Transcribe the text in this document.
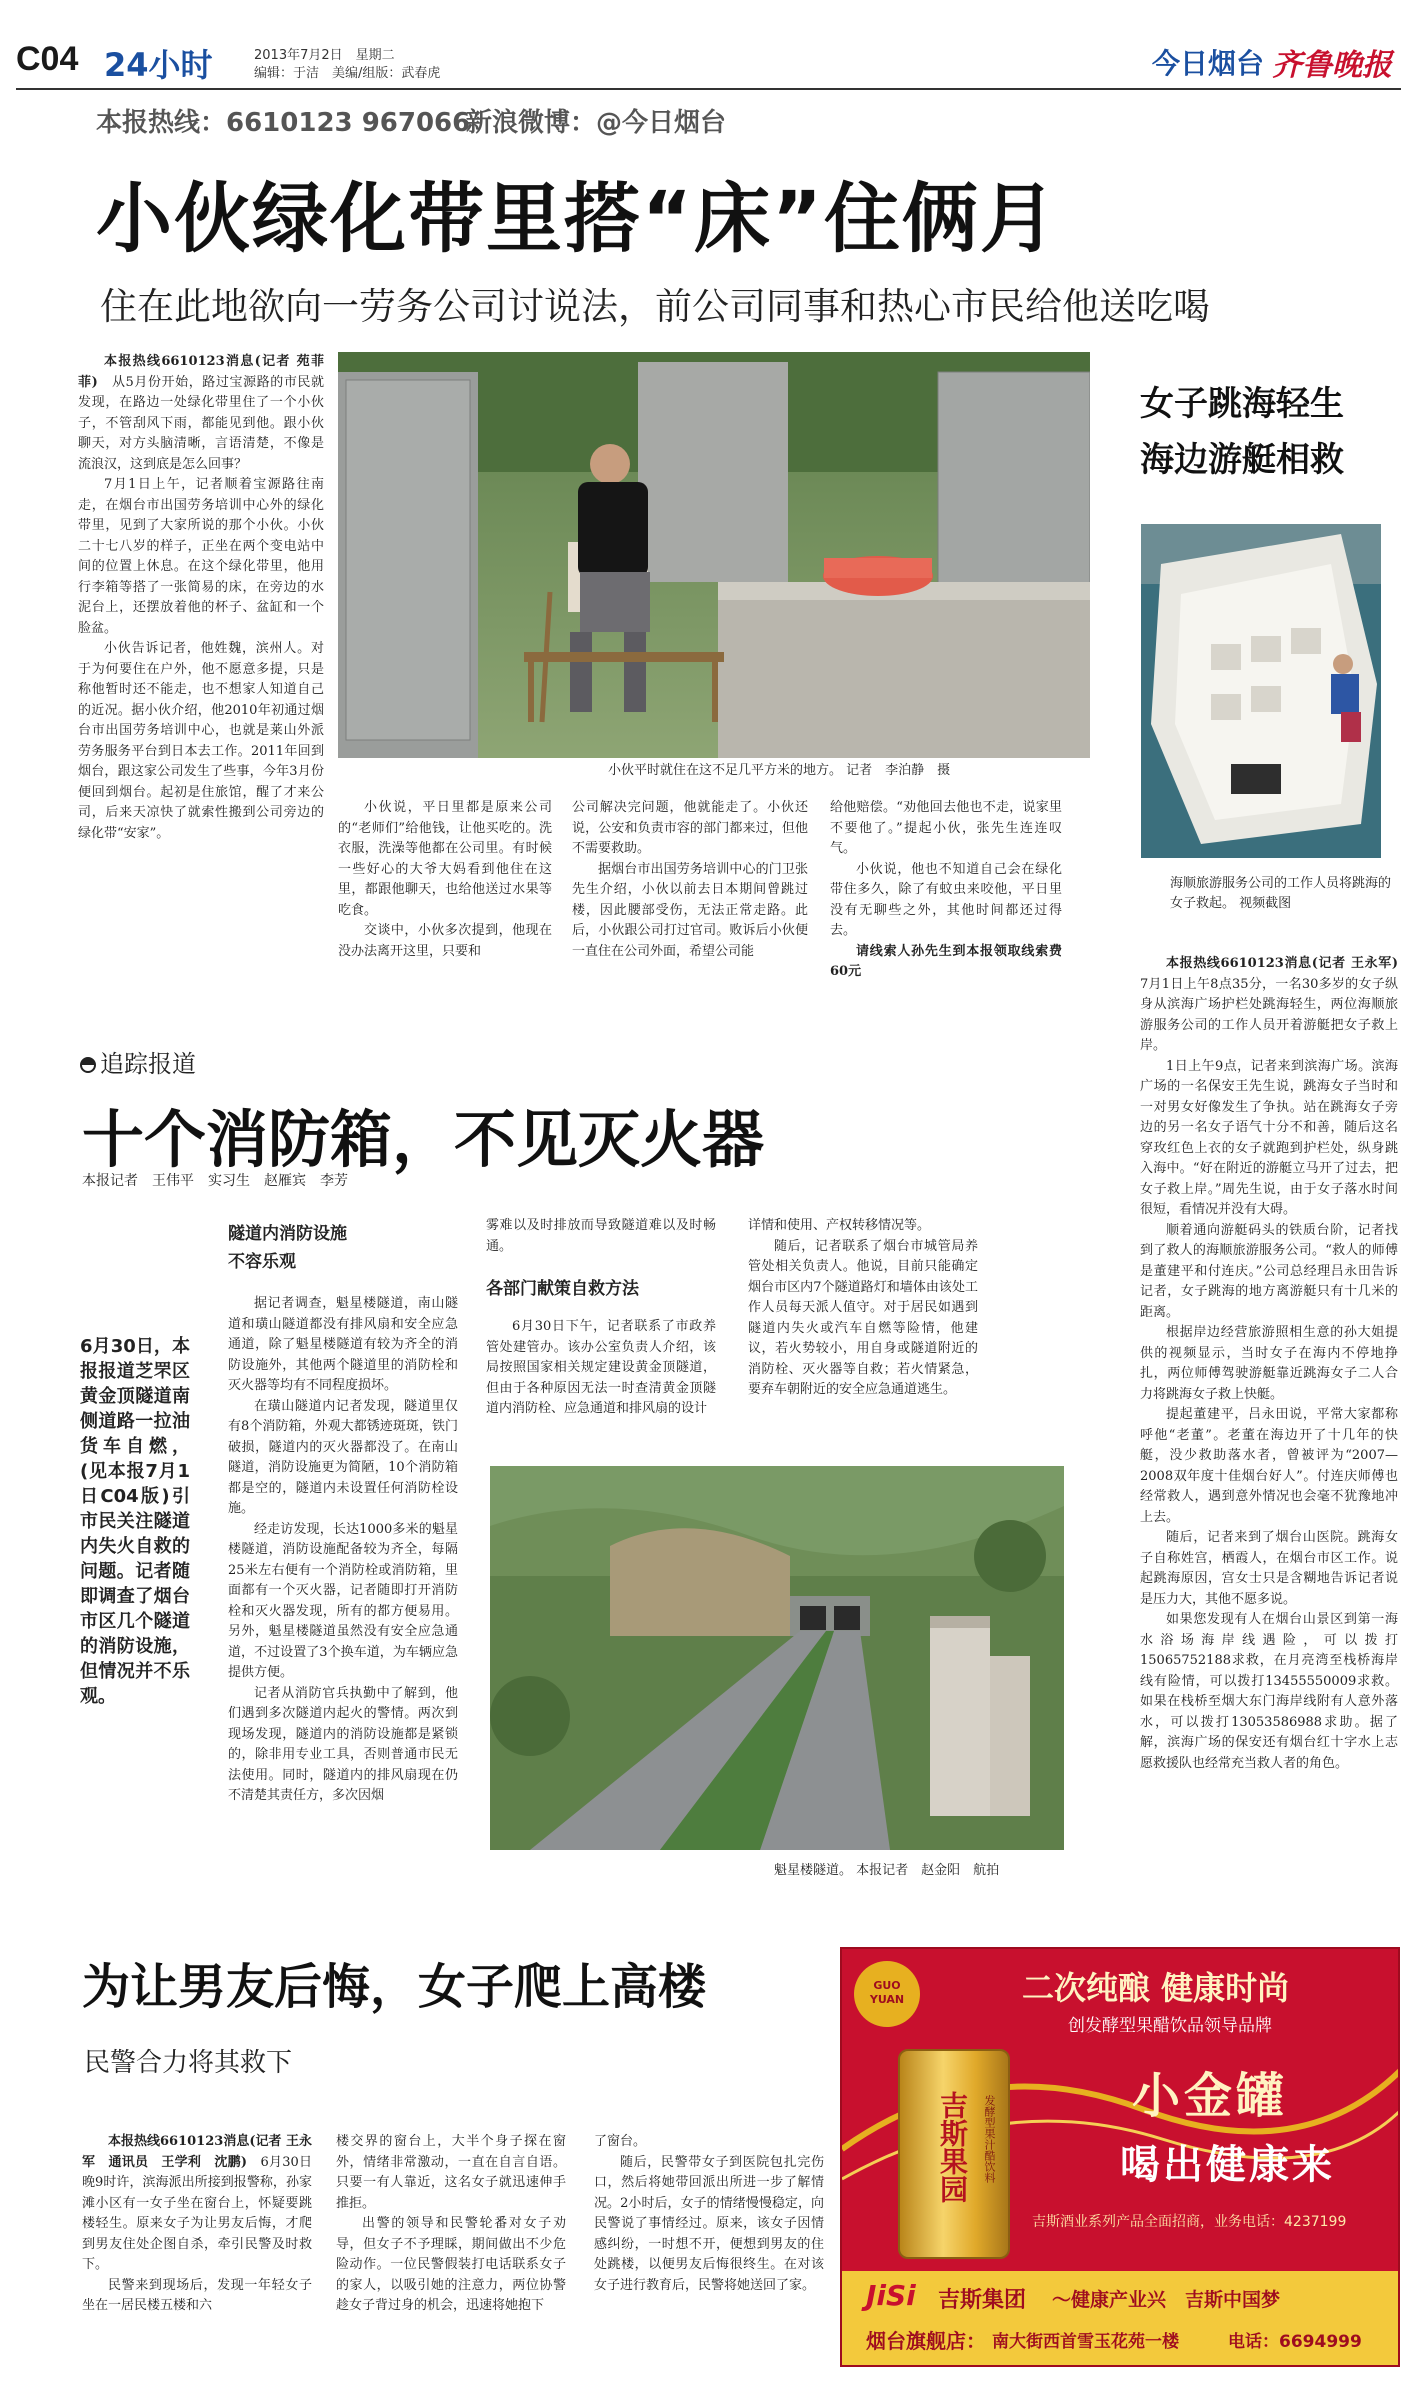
C04 24小时	2013年7月2日　星期二
编辑：于洁　美编/组版：武春虎	今日烟台 齐鲁晚报
本报热线：6610123 967066
新浪微博：@今日烟台
小伙绿化带里搭“床”住俩月
住在此地欲向一劳务公司讨说法，前公司同事和热心市民给他送吃喝

本报热线6610123消息(记者 苑菲菲)　 从5月份开始，路过宝源路的市民就发现，在路边一处绿化带里住了一个小伙子，不管刮风下雨，都能见到他。跟小伙聊天，对方头脑清晰，言语清楚，不像是流浪汉，这到底是怎么回事？

7月1日上午，记者顺着宝源路往南走，在烟台市出国劳务培训中心外的绿化带里，见到了大家所说的那个小伙。小伙二十七八岁的样子，正坐在两个变电站中间的位置上休息。在这个绿化带里，他用行李箱等搭了一张简易的床，在旁边的水泥台上，还摆放着他的杯子、盆缸和一个脸盆。

小伙告诉记者，他姓魏，滨州人。对于为何要住在户外，他不愿意多提，只是称他暂时还不能走，也不想家人知道自己的近况。据小伙介绍，他2010年初通过烟台市出国劳务培训中心，也就是莱山外派劳务服务平台到日本去工作。2011年回到烟台，跟这家公司发生了些事，今年3月份便回到烟台。起初是住旅馆，醒了才来公司，后来天凉快了就索性搬到公司旁边的绿化带“安家”。

小伙平时就住在这不足几平方米的地方。 记者　李泊静　摄

小伙说，平日里都是原来公司的“老师们”给他钱，让他买吃的。洗衣服，洗澡等他都在公司里。有时候一些好心的大爷大妈看到他住在这里，都跟他聊天，也给他送过水果等吃食。

交谈中，小伙多次提到，他现在没办法离开这里，只要和

公司解决完问题，他就能走了。小伙还说，公安和负责市容的部门都来过，但他不需要救助。

据烟台市出国劳务培训中心的门卫张先生介绍，小伙以前去日本期间曾跳过楼，因此腰部受伤，无法正常走路。此后，小伙跟公司打过官司。败诉后小伙便一直住在公司外面，希望公司能

给他赔偿。“劝他回去他也不走，说家里不要他了。”提起小伙，张先生连连叹气。

小伙说，他也不知道自己会在绿化带住多久，除了有蚊虫来咬他，平日里没有无聊些之外，其他时间都还过得去。

请线索人孙先生到本报领取线索费60元

女子跳海轻生
海边游艇相救
海顺旅游服务公司的工作人员将跳海的女子救起。 视频截图

本报热线6610123消息(记者 王永军)　7月1日上午8点35分，一名30多岁的女子纵身从滨海广场护栏处跳海轻生，两位海顺旅游服务公司的工作人员开着游艇把女子救上岸。

1日上午9点，记者来到滨海广场。滨海广场的一名保安王先生说，跳海女子当时和一对男女好像发生了争执。站在跳海女子旁边的另一名女子语气十分不和善，随后这名穿玫红色上衣的女子就跑到护栏处，纵身跳入海中。“好在附近的游艇立马开了过去，把女子救上岸。”周先生说，由于女子落水时间很短，看情况并没有大碍。

顺着通向游艇码头的铁质台阶，记者找到了救人的海顺旅游服务公司。“救人的师傅是董建平和付连庆。”公司总经理吕永田告诉记者，女子跳海的地方离游艇只有十几米的距离。

根据岸边经营旅游照相生意的孙大姐提供的视频显示，当时女子在海内不停地挣扎，两位师傅驾驶游艇靠近跳海女子二人合力将跳海女子救上快艇。

提起董建平，吕永田说，平常大家都称呼他“老董”。老董在海边开了十几年的快艇，没少救助落水者，曾被评为“2007—2008双年度十佳烟台好人”。付连庆师傅也经常救人，遇到意外情况也会毫不犹豫地冲上去。

随后，记者来到了烟台山医院。跳海女子自称姓宫，栖霞人，在烟台市区工作。说起跳海原因，宫女士只是含糊地告诉记者说是压力大，其他不愿多说。

如果您发现有人在烟台山景区到第一海水浴场海岸线遇险，可以拨打15065752188求救，在月亮湾至栈桥海岸线有险情，可以拨打13455550009求救。如果在栈桥至烟大东门海岸线附有人意外落水，可以拨打13053586988求助。据了解，滨海广场的保安还有烟台红十字水上志愿救援队也经常充当救人者的角色。

追踪报道
十个消防箱，不见灭火器
本报记者　王伟平　实习生　赵雁宾　李芳
6月30日，本报报道芝罘区黄金顶隧道南侧道路一拉油货车自燃，(见本报7月1日C04版)引市民关注隧道内失火自救的问题。记者随即调查了烟台市区几个隧道的消防设施，但情况并不乐观。
隧道内消防设施
不容乐观

据记者调查，魁星楼隧道，南山隧道和璜山隧道都没有排风扇和安全应急通道，除了魁星楼隧道有较为齐全的消防设施外，其他两个隧道里的消防栓和灭火器等均有不同程度损坏。

在璜山隧道内记者发现，隧道里仅有8个消防箱，外观大都锈迹斑斑，铁门破损，隧道内的灭火器都没了。在南山隧道，消防设施更为简陋，10个消防箱都是空的，隧道内未设置任何消防栓设施。

经走访发现，长达1000多米的魁星楼隧道，消防设施配备较为齐全，每隔25米左右便有一个消防栓或消防箱，里面都有一个灭火器，记者随即打开消防栓和灭火器发现，所有的都方便易用。另外，魁星楼隧道虽然没有安全应急通道，不过设置了3个换车道，为车辆应急提供方便。

记者从消防官兵执勤中了解到，他们遇到多次隧道内起火的警情。两次到现场发现，隧道内的消防设施都是紧锁的，除非用专业工具，否则普通市民无法使用。同时，隧道内的排风扇现在仍不清楚其责任方，多次因烟

雾难以及时排放而导致隧道难以及时畅通。

各部门献策自救方法

6月30日下午，记者联系了市政养管处建管办。该办公室负责人介绍，该局按照国家相关规定建设黄金顶隧道，但由于各种原因无法一时查清黄金顶隧道内消防栓、应急通道和排风扇的设计

详情和使用、产权转移情况等。

随后，记者联系了烟台市城管局养管处相关负责人。他说，目前只能确定烟台市区内7个隧道路灯和墙体由该处工作人员每天派人值守。对于居民如遇到隧道内失火或汽车自燃等险情，他建议，若火势较小，用自身或隧道附近的消防栓、灭火器等自救；若火情紧急，要弃车朝附近的安全应急通道逃生。

魁星楼隧道。 本报记者　赵金阳　航拍
为让男友后悔，女子爬上高楼
民警合力将其救下

本报热线6610123消息(记者 王永军　通讯员　王学利　沈鹏)　 6月30日晚9时许，滨海派出所接到报警称，孙家滩小区有一女子坐在窗台上，怀疑要跳楼轻生。原来女子为让男友后悔，才爬到男友住处企图自杀，牵引民警及时救下。

民警来到现场后，发现一年轻女子坐在一居民楼五楼和六

楼交界的窗台上，大半个身子探在窗外，情绪非常激动，一直在自言自语。只要一有人靠近，这名女子就迅速伸手推拒。

出警的领导和民警轮番对女子劝导，但女子不予理睬，期间做出不少危险动作。一位民警假装打电话联系女子的家人，以吸引她的注意力，两位协警趁女子背过身的机会，迅速将她抱下

了窗台。

随后，民警带女子到医院包扎完伤口，然后将她带回派出所进一步了解情况。2小时后，女子的情绪慢慢稳定，向民警说了事情经过。原来，该女子因情感纠纷，一时想不开，便想到男友的住处跳楼，以便男友后悔很终生。在对该女子进行教育后，民警将她送回了家。

GUO
YUAN	二次纯酿 健康时尚
创发酵型果醋饮品领导品牌
小金罐
喝出健康来
吉斯果园	发酵型果汁酷饮料
吉斯酒业系列产品全面招商，业务电话：4237199
JiSi 吉斯集团 ～健康产业兴　吉斯中国梦
烟台旗舰店： 南大街西首雪玉花苑一楼	电话：6694999
